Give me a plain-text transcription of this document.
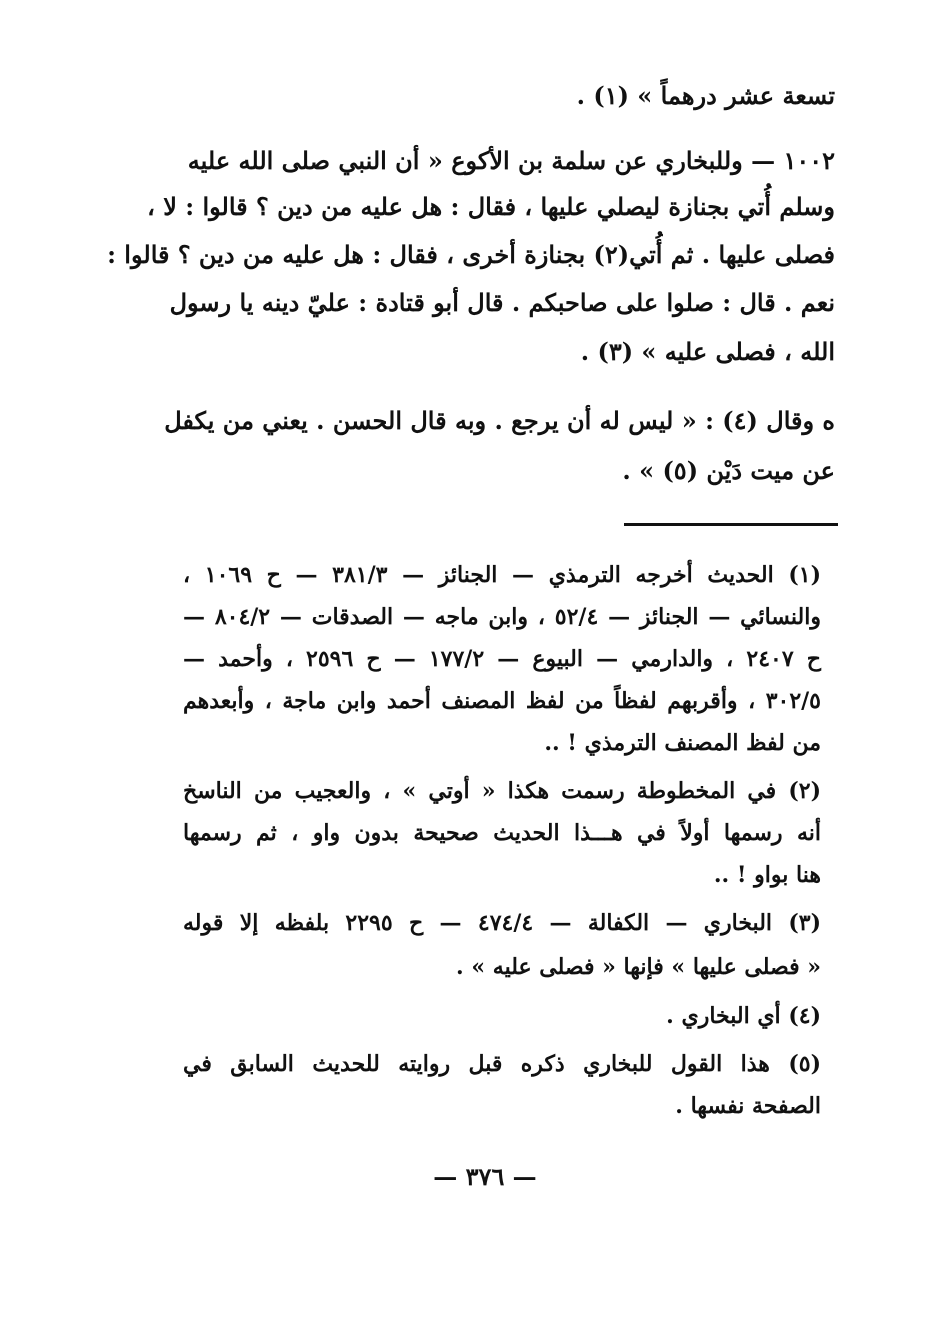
تسعة عشر درهماً » (١) .

١٠٠٢ — وللبخاري عن سلمة بن الأكوع « أن النبي صلى الله عليه

وسلم أُتي بجنازة ليصلي عليها ، فقال : هل عليه من دين ؟ قالوا : لا ،

فصلى عليها . ثم أُتي(٢) بجنازة أخرى ، فقال : هل عليه من دين ؟ قالوا :

نعم . قال : صلوا على صاحبكم . قال أبو قتادة : عليّ دينه يا رسول

الله ، فصلى عليه » (٣) .

ه وقال (٤) : « ليس له أن يرجع . وبه قال الحسن . يعني من يكفل

عن ميت دَيْن (٥) » .

(١) الحديث أخرجه الترمذي — الجنائز — ٣٨١/٣ — ح ١٠٦٩ ،

والنسائي — الجنائز — ٥٢/٤ ، وابن ماجه — الصدقات — ٨٠٤/٢ —

ح ٢٤٠٧ ، والدارمي — البيوع — ١٧٧/٢ — ح ٢٥٩٦ ، وأحمد —

٣٠٢/٥ ، وأقربهم لفظاً من لفظ المصنف أحمد وابن ماجة ، وأبعدهم

من لفظ المصنف الترمذي ! ..

(٢) في المخطوطة رسمت هكذا « أوتي » ، والعجيب من الناسخ

أنه رسمها أولاً في هـــذا الحديث صحيحة بدون واو ، ثم رسمها

هنا بواو ! ..

(٣) البخاري — الكفالة — ٤٧٤/٤ — ح ٢٢٩٥ بلفظه إلا قوله

« فصلى عليها » فإنها « فصلى عليه » .

(٤) أي البخاري .

(٥) هذا القول للبخاري ذكره قبل روايته للحديث السابق في

الصفحة نفسها .

— ٣٧٦ —
